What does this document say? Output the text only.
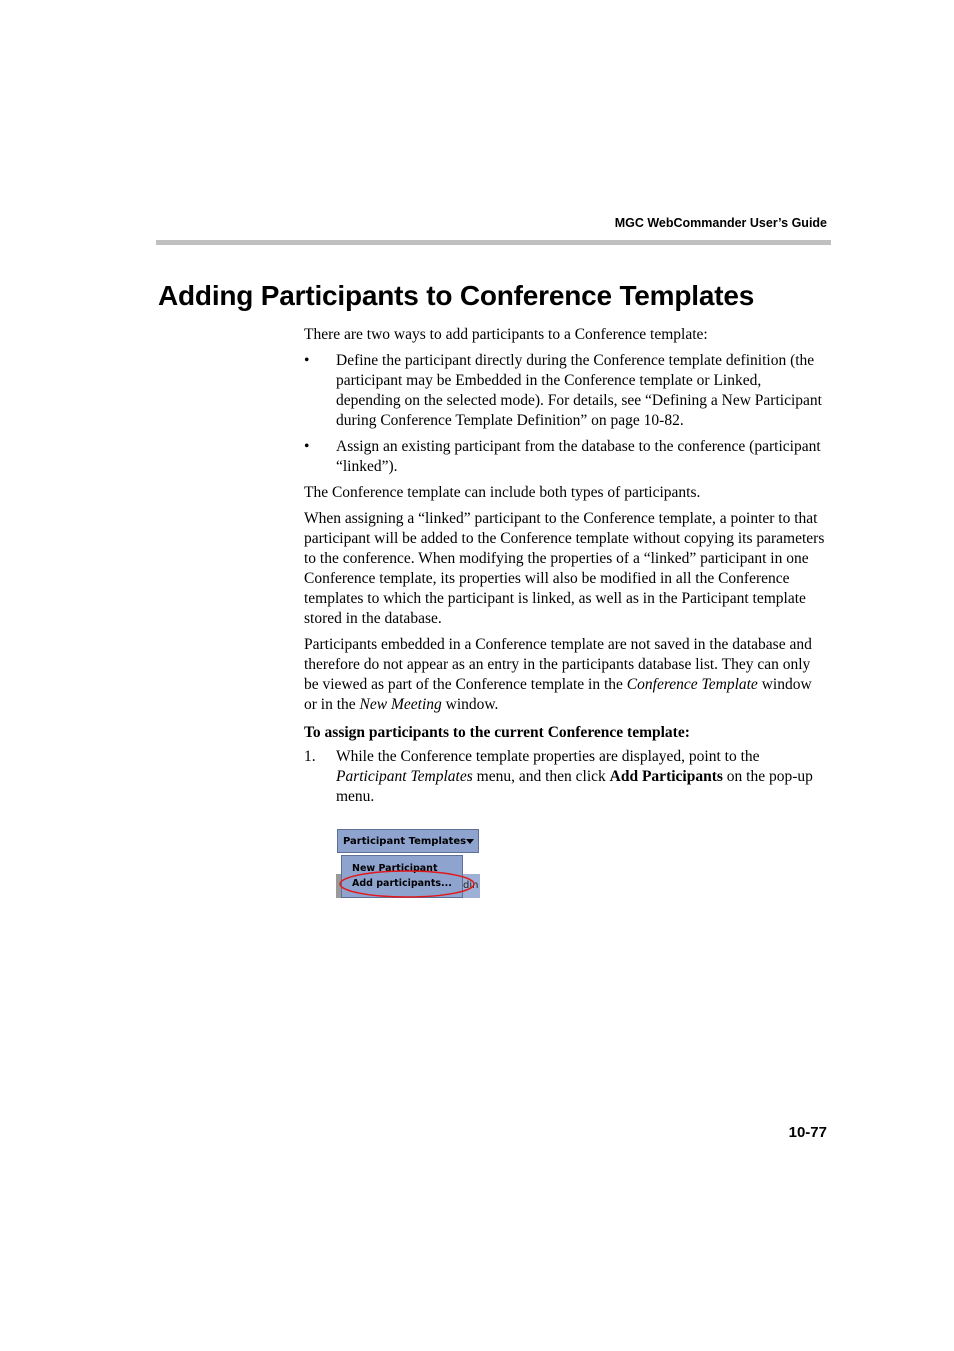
MGC WebCommander User’s Guide
Adding Participants to Conference Templates

There are two ways to add participants to a Conference template:

•	Define the participant directly during the Conference template definition (the participant may be Embedded in the Conference template or Linked, depending on the selected mode). For details, see “Defining a New Participant during Conference Template Definition” on page 10-82.
•	Assign an existing participant from the database to the conference (participant “linked”).

The Conference template can include both types of participants.

When assigning a “linked” participant to the Conference template, a pointer to that participant will be added to the Conference template without copying its parameters to the conference. When modifying the properties of a “linked” participant in one Conference template, its properties will also be modified in all the Conference templates to which the participant is linked, as well as in the Participant template stored in the database.

Participants embedded in a Conference template are not saved in the database and therefore do not appear as an entry in the participants database list. They can only be viewed as part of the Conference template in the Conference Template window or in the New Meeting window.

To assign participants to the current Conference template:

1.	While the Conference template properties are displayed, point to the Participant Templates menu, and then click Add Participants on the pop-up menu.
din
Participant Templates
New Participant
Add participants...
10-77
